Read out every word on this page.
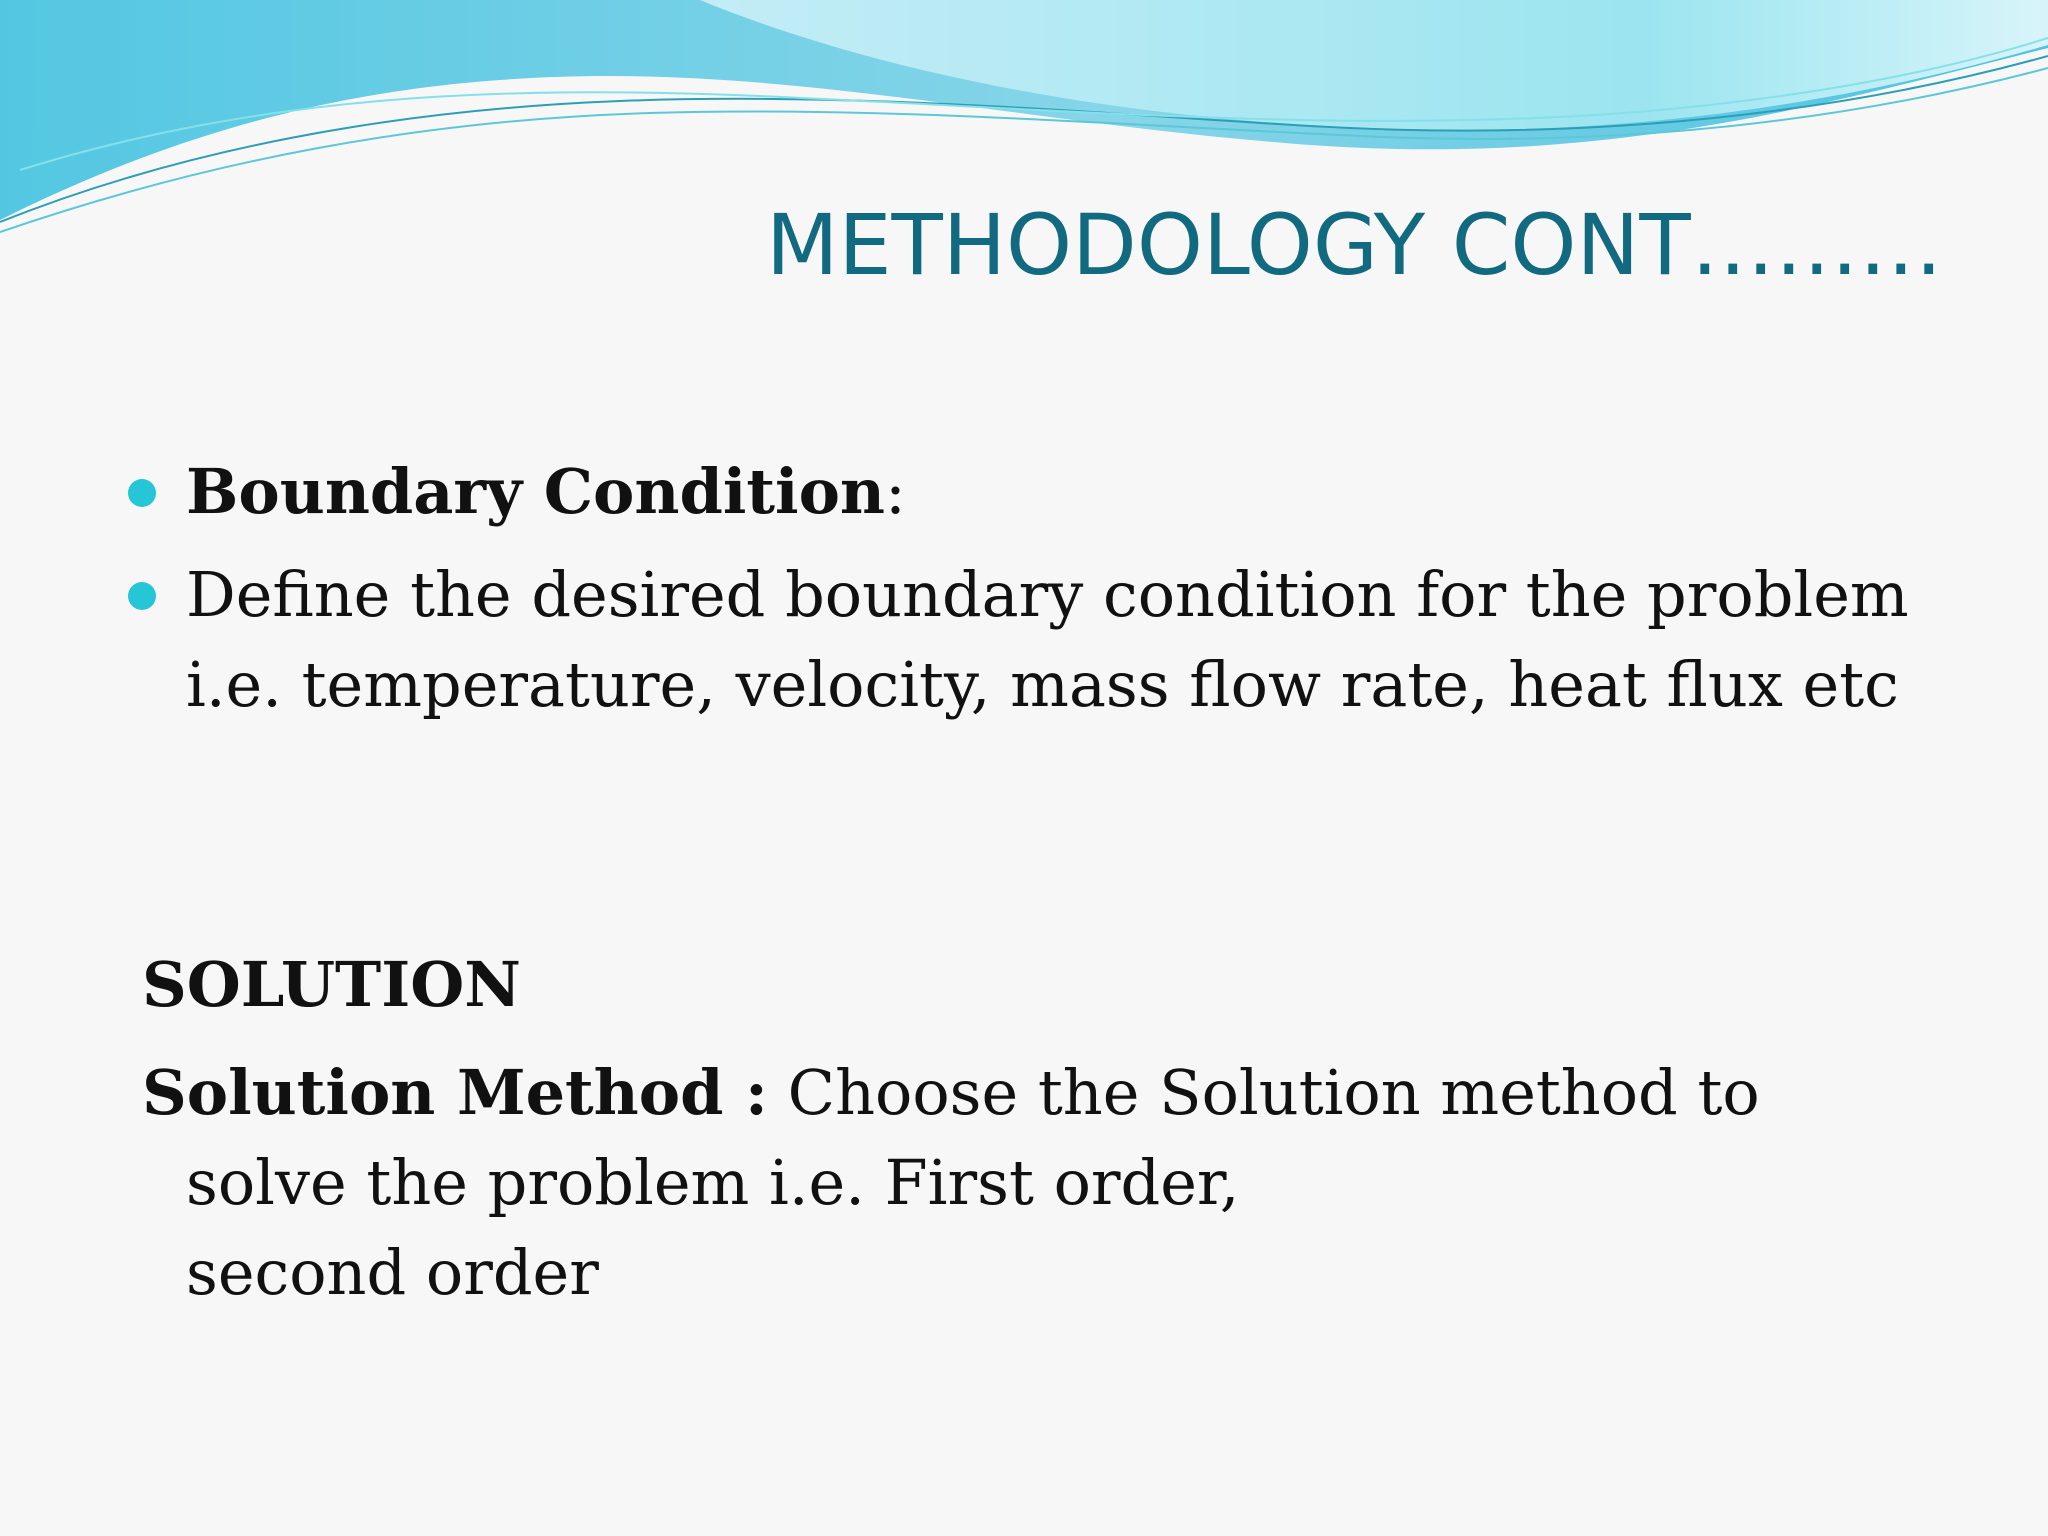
METHODOLOGY CONT………
Boundary Condition:
Define the desired boundary condition for the problem i.e. temperature, velocity, mass flow rate, heat flux etc
SOLUTION
Solution Method : Choose the Solution method to
solve the problem i.e. First order,
second order
